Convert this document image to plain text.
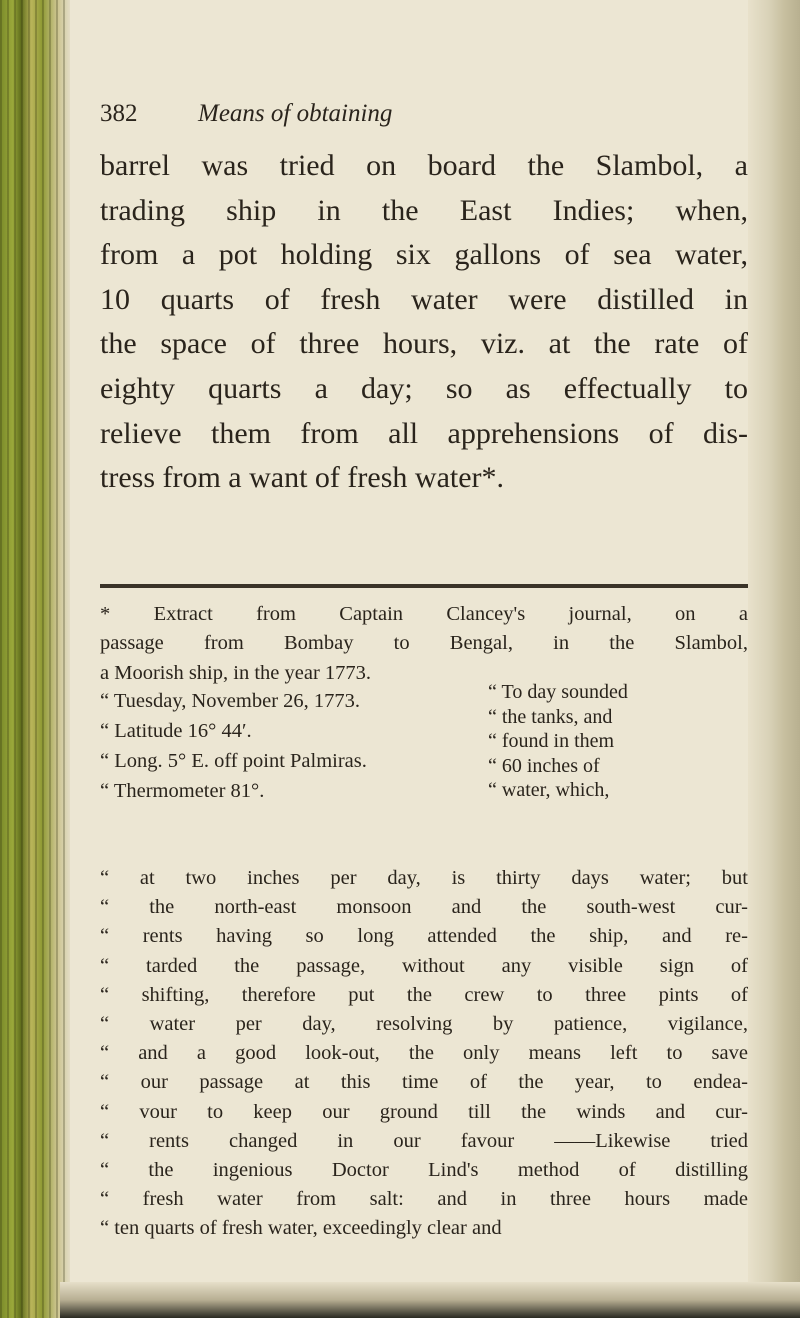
382 Means of obtaining
barrel was tried on board the Slambol, a
trading ship in the East Indies; when,
from a pot holding six gallons of sea water,
10 quarts of fresh water were distilled in
the space of three hours, viz. at the rate of
eighty quarts a day; so as effectually to
relieve them from all apprehensions of dis-
tress from a want of fresh water*.
* Extract from Captain Clancey's journal, on a
passage from Bombay to Bengal, in the Slambol,
a Moorish ship, in the year 1773.
“ Tuesday, November 26, 1773.
“ Latitude 16° 44′.
“ Long. 5° E. off point Palmiras.
“ Thermometer 81°.
“ To day sounded
“ the tanks, and
“ found in them
“ 60 inches of
“ water, which,
“ at two inches per day, is thirty days water; but
“ the north-east monsoon and the south-west cur-
“ rents having so long attended the ship, and re-
“ tarded the passage, without any visible sign of
“ shifting, therefore put the crew to three pints of
“ water per day, resolving by patience, vigilance,
“ and a good look-out, the only means left to save
“ our passage at this time of the year, to endea-
“ vour to keep our ground till the winds and cur-
“ rents changed in our favour ——Likewise tried
“ the ingenious Doctor Lind's method of distilling
“ fresh water from salt: and in three hours made
“ ten quarts of fresh water, exceedingly clear and
